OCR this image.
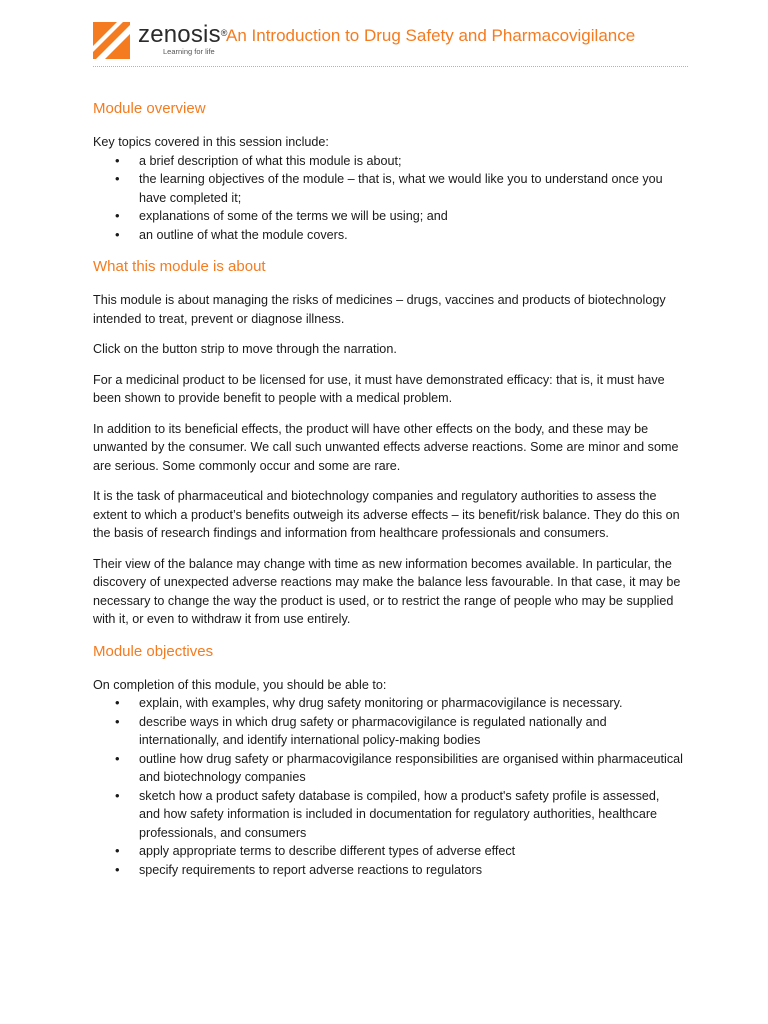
zenosis®
Learning for life
An Introduction to Drug Safety and Pharmacovigilance
Module overview

Key topics covered in this session include:

• a brief description of what this module is about;
• the learning objectives of the module – that is, what we would like you to understand once you have completed it;
• explanations of some of the terms we will be using; and
• an outline of what the module covers.
What this module is about

This module is about managing the risks of medicines – drugs, vaccines and products of biotechnology intended to treat, prevent or diagnose illness.

Click on the button strip to move through the narration.

For a medicinal product to be licensed for use, it must have demonstrated efficacy: that is, it must have been shown to provide benefit to people with a medical problem.

In addition to its beneficial effects, the product will have other effects on the body, and these may be unwanted by the consumer. We call such unwanted effects adverse reactions. Some are minor and some are serious. Some commonly occur and some are rare.

It is the task of pharmaceutical and biotechnology companies and regulatory authorities to assess the extent to which a product’s benefits outweigh its adverse effects – its benefit/risk balance. They do this on the basis of research findings and information from healthcare professionals and consumers.

Their view of the balance may change with time as new information becomes available. In particular, the discovery of unexpected adverse reactions may make the balance less favourable. In that case, it may be necessary to change the way the product is used, or to restrict the range of people who may be supplied with it, or even to withdraw it from use entirely.

Module objectives

On completion of this module, you should be able to:

• explain, with examples, why drug safety monitoring or pharmacovigilance is necessary.
• describe ways in which drug safety or pharmacovigilance is regulated nationally and internationally, and identify international policy-making bodies
• outline how drug safety or pharmacovigilance responsibilities are organised within pharmaceutical and biotechnology companies
• sketch how a product safety database is compiled, how a product's safety profile is assessed, and how safety information is included in documentation for regulatory authorities, healthcare professionals, and consumers
• apply appropriate terms to describe different types of adverse effect
• specify requirements to report adverse reactions to regulators
